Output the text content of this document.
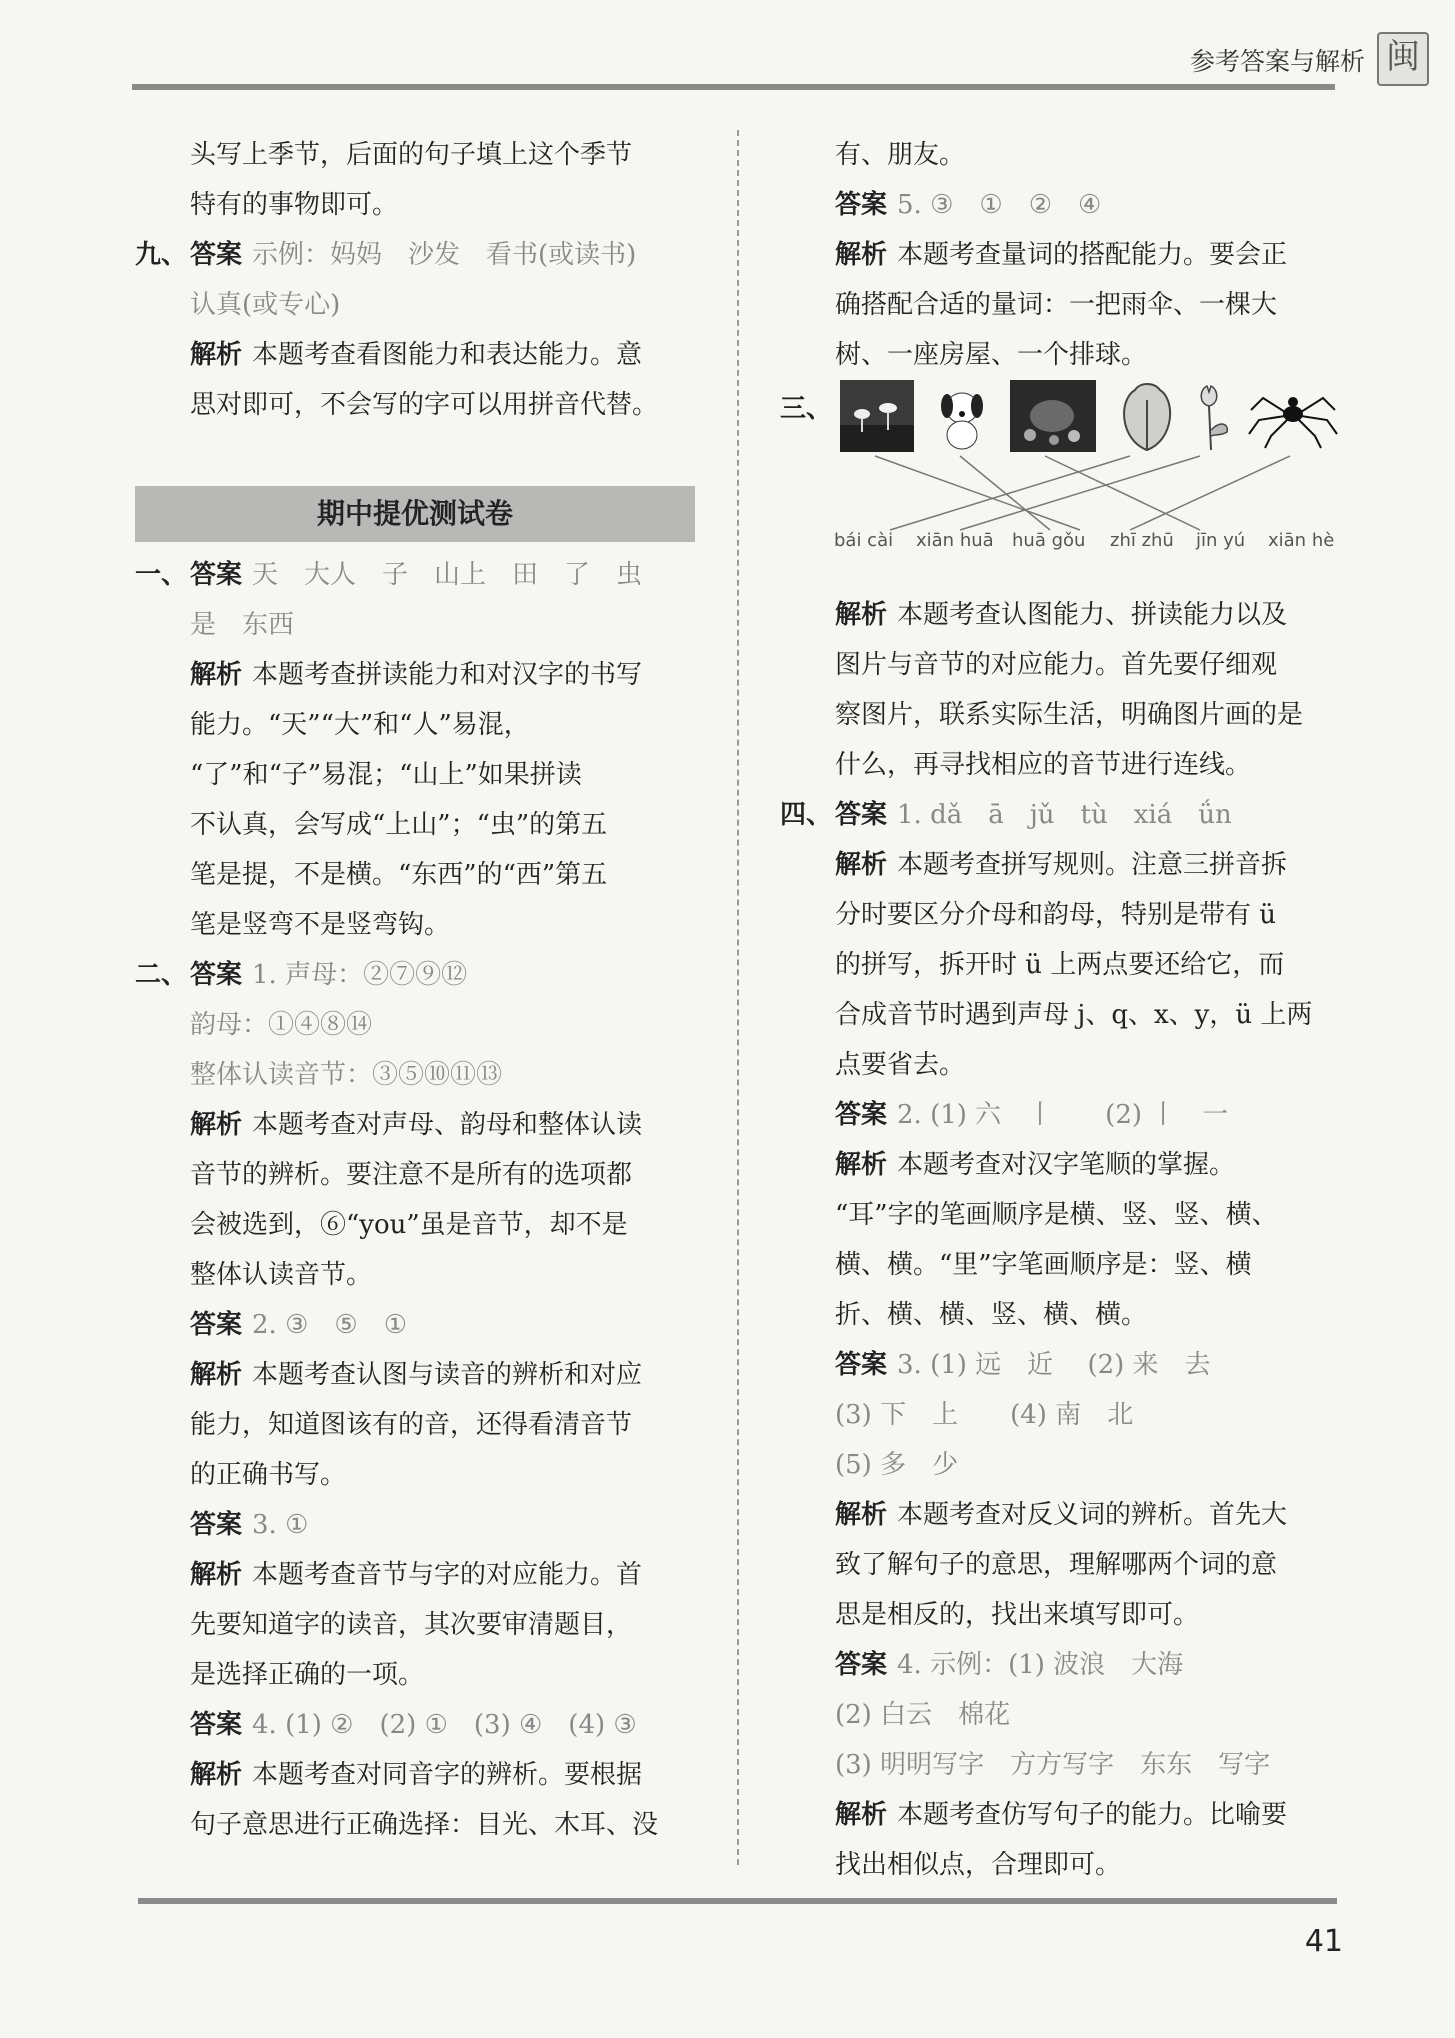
参考答案与解析 闽
头写上季节，后面的句子填上这个季节
特有的事物即可。
九、 答案 示例：妈妈　沙发　看书(或读书)
认真(或专心)
解析 本题考查看图能力和表达能力。意
思对即可，不会写的字可以用拼音代替。
期中提优测试卷
一、 答案 天　大人　子　山上　田　了　虫
是　东西
解析 本题考查拼读能力和对汉字的书写
能力。“天”“大”和“人”易混，
“了”和“子”易混；“山上”如果拼读
不认真，会写成“上山”；“虫”的第五
笔是提，不是横。“东西”的“西”第五
笔是竖弯不是竖弯钩。
二、 答案 1. 声母：②⑦⑨⑫
韵母：①④⑧⑭
整体认读音节：③⑤⑩⑪⑬
解析 本题考查对声母、韵母和整体认读
音节的辨析。要注意不是所有的选项都
会被选到，⑥“you”虽是音节，却不是
整体认读音节。
答案 2. ③　⑤　①
解析 本题考查认图与读音的辨析和对应
能力，知道图该有的音，还得看清音节
的正确书写。
答案 3. ①
解析 本题考查音节与字的对应能力。首
先要知道字的读音，其次要审清题目，
是选择正确的一项。
答案 4. (1) ②　(2) ①　(3) ④　(4) ③
解析 本题考查对同音字的辨析。要根据
句子意思进行正确选择：目光、木耳、没
有、朋友。
答案 5. ③　①　②　④
解析 本题考查量词的搭配能力。要会正
确搭配合适的量词：一把雨伞、一棵大
树、一座房屋、一个排球。
三、
bái cài xiān huā huā gǒu zhī zhū jīn yú xiān hè
解析 本题考查认图能力、拼读能力以及
图片与音节的对应能力。首先要仔细观
察图片，联系实际生活，明确图片画的是
什么，再寻找相应的音节进行连线。
四、 答案 1. dǎ　ā　jǔ　tù　xiá　ǘn
解析 本题考查拼写规则。注意三拼音拆
分时要区分介母和韵母，特别是带有 ü
的拼写，拆开时 ü 上两点要还给它，而
合成音节时遇到声母 j、q、x、y，ü 上两
点要省去。
答案 2. (1) 六　丨　　(2) 丨　一
解析 本题考查对汉字笔顺的掌握。
“耳”字的笔画顺序是横、竖、竖、横、
横、横。“里”字笔画顺序是：竖、横
折、横、横、竖、横、横。
答案 3. (1) 远　近　 (2) 来　去
(3) 下　上　　(4) 南　北
(5) 多　少
解析 本题考查对反义词的辨析。首先大
致了解句子的意思，理解哪两个词的意
思是相反的，找出来填写即可。
答案 4. 示例：(1) 波浪　大海
(2) 白云　棉花
(3) 明明写字　方方写字　东东　写字
解析 本题考查仿写句子的能力。比喻要
找出相似点，合理即可。
41
